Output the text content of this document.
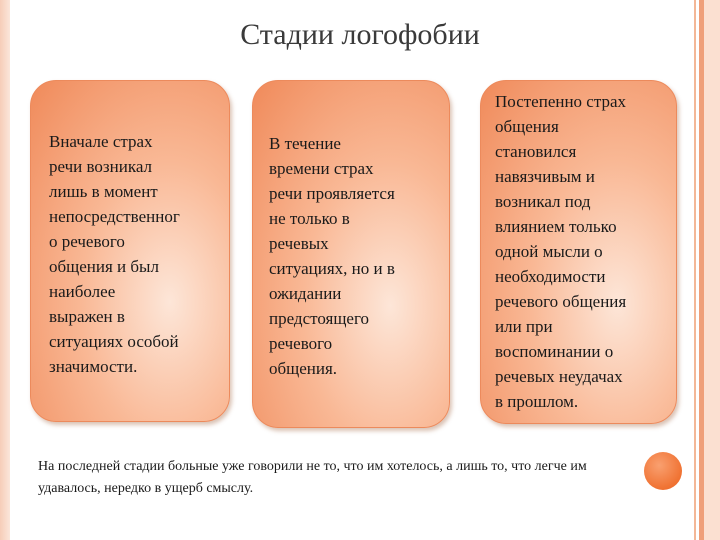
Стадии логофобии

Вначале страх
речи возникал
лишь в момент
непосредственног
о речевого
общения и был
наиболее
выражен в
ситуациях особой
значимости.

В течение
времени страх
речи проявляется
не только в
речевых
ситуациях, но и в
ожидании
предстоящего
речевого
общения.

Постепенно страх
общения
становился
навязчивым и
возникал под
влиянием только
одной мысли о
необходимости
речевого общения
или при
воспоминании о
речевых неудачах
в прошлом.

На последней стадии больные уже говорили не то, что им хотелось, а лишь то, что легче им удавалось, нередко в ущерб смыслу.
